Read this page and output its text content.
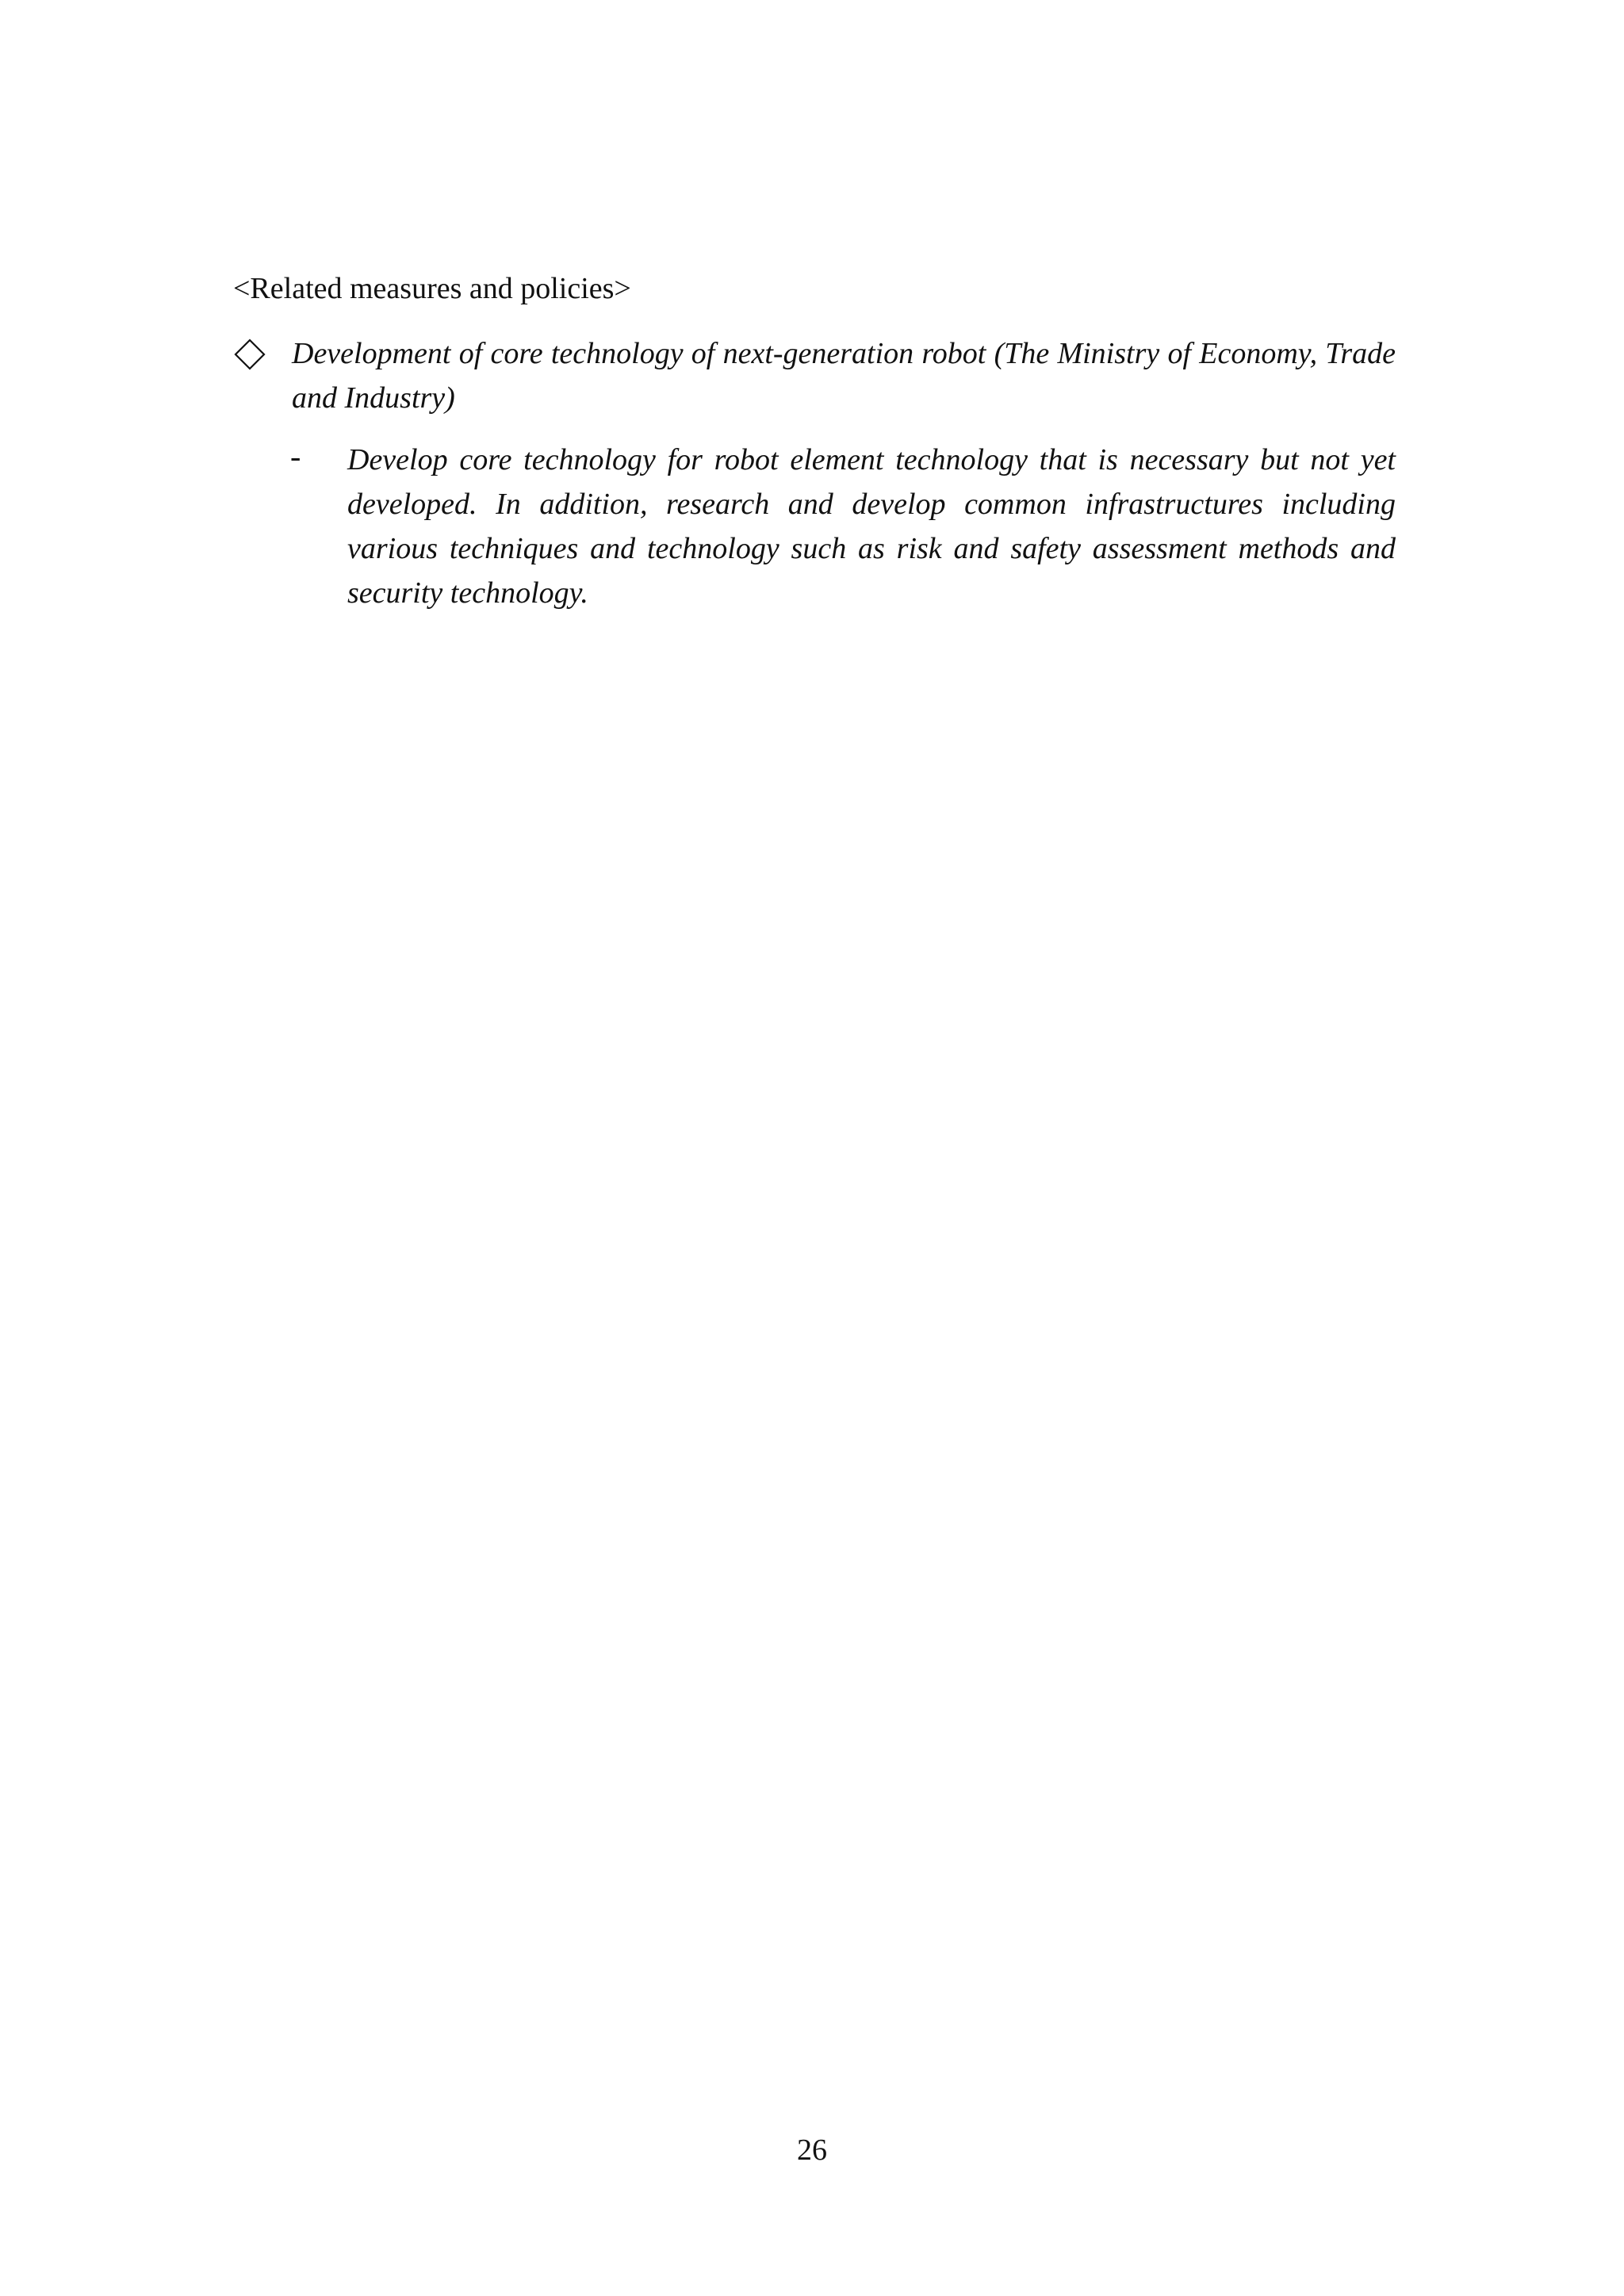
<Related measures and policies>
Development of core technology of next-generation robot (The Ministry of Economy, Trade and Industry)
- Develop core technology for robot element technology that is necessary but not yet developed. In addition, research and develop common infrastructures including various techniques and technology such as risk and safety assessment methods and security technology.
26
